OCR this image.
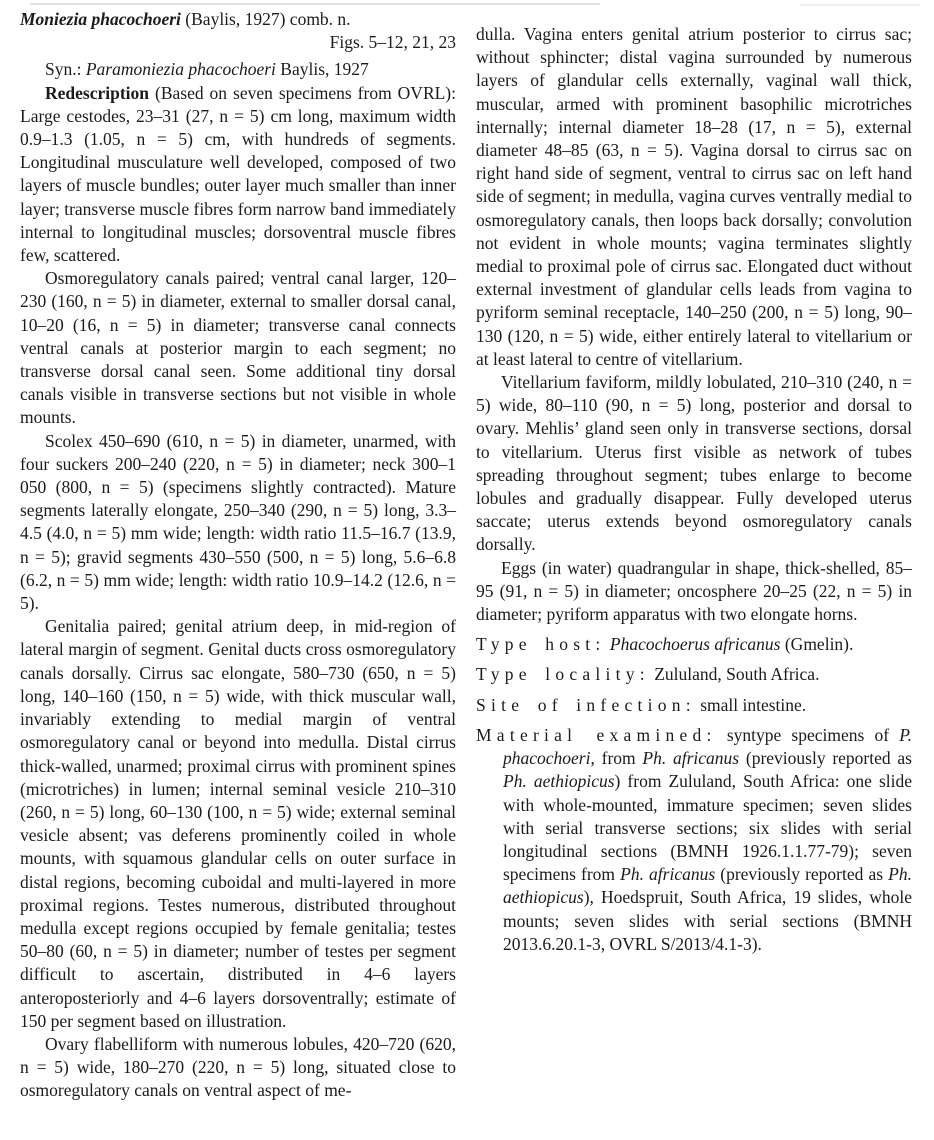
Moniezia phacochoeri (Baylis, 1927) comb. n.
Figs. 5–12, 21, 23

Syn.: Paramoniezia phacochoeri Baylis, 1927

Redescription (Based on seven specimens from OVRL): Large cestodes, 23–31 (27, n = 5) cm long, maximum width 0.9–1.3 (1.05, n = 5) cm, with hundreds of segments. Longitudinal musculature well developed, composed of two layers of muscle bundles; outer layer much smaller than inner layer; transverse muscle fibres form narrow band immediately internal to longitudinal muscles; dorsoventral muscle fibres few, scattered.

Osmoregulatory canals paired; ventral canal larger, 120–230 (160, n = 5) in diameter, external to smaller dorsal canal, 10–20 (16, n = 5) in diameter; transverse canal connects ventral canals at posterior margin to each segment; no transverse dorsal canal seen. Some additional tiny dorsal canals visible in transverse sections but not visible in whole mounts.

Scolex 450–690 (610, n = 5) in diameter, unarmed, with four suckers 200–240 (220, n = 5) in diameter; neck 300–1 050 (800, n = 5) (specimens slightly contracted). Mature segments laterally elongate, 250–340 (290, n = 5) long, 3.3–4.5 (4.0, n = 5) mm wide; length: width ratio 11.5–16.7 (13.9, n = 5); gravid segments 430–550 (500, n = 5) long, 5.6–6.8 (6.2, n = 5) mm wide; length: width ratio 10.9–14.2 (12.6, n = 5).

Genitalia paired; genital atrium deep, in mid-region of lateral margin of segment. Genital ducts cross osmoregulatory canals dorsally. Cirrus sac elongate, 580–730 (650, n = 5) long, 140–160 (150, n = 5) wide, with thick muscular wall, invariably extending to medial margin of ventral osmoregulatory canal or beyond into medulla. Distal cirrus thick-walled, unarmed; proximal cirrus with prominent spines (microtriches) in lumen; internal seminal vesicle 210–310 (260, n = 5) long, 60–130 (100, n = 5) wide; external seminal vesicle absent; vas deferens prominently coiled in whole mounts, with squamous glandular cells on outer surface in distal regions, becoming cuboidal and multi-layered in more proximal regions. Testes numerous, distributed throughout medulla except regions occupied by female genitalia; testes 50–80 (60, n = 5) in diameter; number of testes per segment difficult to ascertain, distributed in 4–6 layers anteroposteriorly and 4–6 layers dorsoventrally; estimate of 150 per segment based on illustration.

Ovary flabelliform with numerous lobules, 420–720 (620, n = 5) wide, 180–270 (220, n = 5) long, situated close to osmoregulatory canals on ventral aspect of me-

dulla. Vagina enters genital atrium posterior to cirrus sac; without sphincter; distal vagina surrounded by numerous layers of glandular cells externally, vaginal wall thick, muscular, armed with prominent basophilic microtriches internally; internal diameter 18–28 (17, n = 5), external diameter 48–85 (63, n = 5). Vagina dorsal to cirrus sac on right hand side of segment, ventral to cirrus sac on left hand side of segment; in medulla, vagina curves ventrally medial to osmoregulatory canals, then loops back dorsally; convolution not evident in whole mounts; vagina terminates slightly medial to proximal pole of cirrus sac. Elongated duct without external investment of glandular cells leads from vagina to pyriform seminal receptacle, 140–250 (200, n = 5) long, 90–130 (120, n = 5) wide, either entirely lateral to vitellarium or at least lateral to centre of vitellarium.

Vitellarium faviform, mildly lobulated, 210–310 (240, n = 5) wide, 80–110 (90, n = 5) long, posterior and dorsal to ovary. Mehlis’ gland seen only in transverse sections, dorsal to vitellarium. Uterus first visible as network of tubes spreading throughout segment; tubes enlarge to become lobules and gradually disappear. Fully developed uterus saccate; uterus extends beyond osmoregulatory canals dorsally.

Eggs (in water) quadrangular in shape, thick-shelled, 85–95 (91, n = 5) in diameter; oncosphere 20–25 (22, n = 5) in diameter; pyriform apparatus with two elongate horns.

Type host: Phacochoerus africanus (Gmelin).

Type locality: Zululand, South Africa.

Site of infection: small intestine.

Material examined: syntype specimens of P. phacochoeri, from Ph. africanus (previously reported as Ph. aethiopicus) from Zululand, South Africa: one slide with whole-mounted, immature specimen; seven slides with serial transverse sections; six slides with serial longitudinal sections (BMNH 1926.1.1.77-79); seven specimens from Ph. africanus (previously reported as Ph. aethiopicus), Hoedspruit, South Africa, 19 slides, whole mounts; seven slides with serial sections (BMNH 2013.6.20.1-3, OVRL S/2013/4.1-3).
